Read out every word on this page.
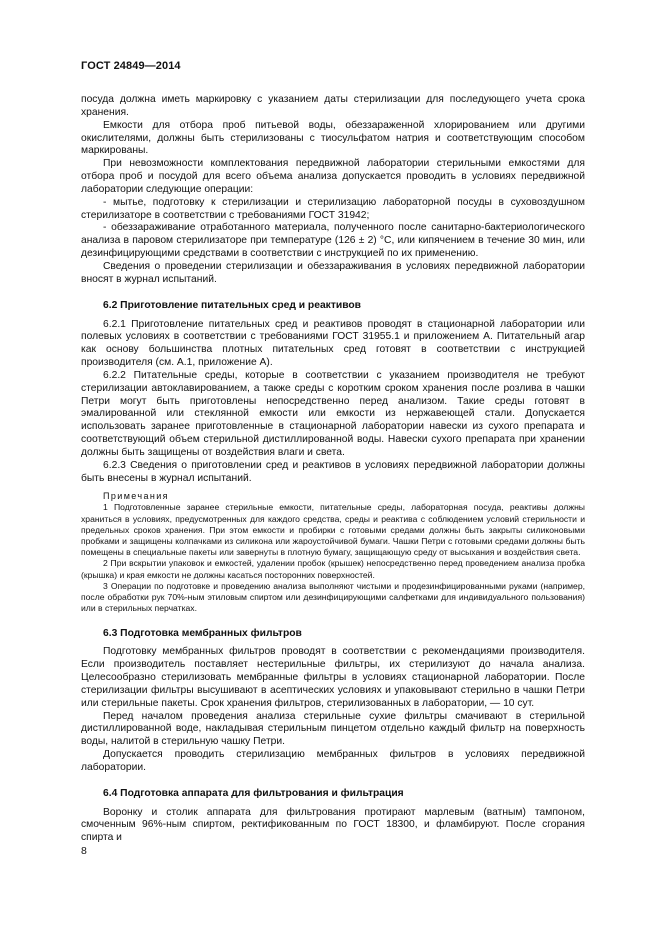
ГОСТ 24849—2014

посуда должна иметь маркировку с указанием даты стерилизации для последующего учета срока хранения.

Емкости для отбора проб питьевой воды, обеззараженной хлорированием или другими окислителями, должны быть стерилизованы с тиосульфатом натрия и соответствующим способом маркированы.

При невозможности комплектования передвижной лаборатории стерильными емкостями для отбора проб и посудой для всего объема анализа допускается проводить в условиях передвижной лаборатории следующие операции:

- мытье, подготовку к стерилизации и стерилизацию лабораторной посуды в суховоздушном стерилизаторе в соответствии с требованиями ГОСТ 31942;

- обеззараживание отработанного материала, полученного после санитарно-бактериологического анализа в паровом стерилизаторе при температуре (126 ± 2) °С, или кипячением в течение 30 мин, или дезинфицирующими средствами в соответствии с инструкцией по их применению.

Сведения о проведении стерилизации и обеззараживания в условиях передвижной лаборатории вносят в журнал испытаний.

6.2 Приготовление питательных сред и реактивов

6.2.1 Приготовление питательных сред и реактивов проводят в стационарной лаборатории или полевых условиях в соответствии с требованиями ГОСТ 31955.1 и приложением А. Питательный агар как основу большинства плотных питательных сред готовят в соответствии с инструкцией производителя (см. А.1, приложение А).

6.2.2 Питательные среды, которые в соответствии с указанием производителя не требуют стерилизации автоклавированием, а также среды с коротким сроком хранения после розлива в чашки Петри могут быть приготовлены непосредственно перед анализом. Такие среды готовят в эмалированной или стеклянной емкости или емкости из нержавеющей стали. Допускается использовать заранее приготовленные в стационарной лаборатории навески из сухого препарата и соответствующий объем стерильной дистиллированной воды. Навески сухого препарата при хранении должны быть защищены от воздействия влаги и света.

6.2.3 Сведения о приготовлении сред и реактивов в условиях передвижной лаборатории должны быть внесены в журнал испытаний.

Примечания

1 Подготовленные заранее стерильные емкости, питательные среды, лабораторная посуда, реактивы должны храниться в условиях, предусмотренных для каждого средства, среды и реактива с соблюдением условий стерильности и предельных сроков хранения. При этом емкости и пробирки с готовыми средами должны быть закрыты силиконовыми пробками и защищены колпачками из силикона или жароустойчивой бумаги. Чашки Петри с готовыми средами должны быть помещены в специальные пакеты или завернуты в плотную бумагу, защищающую среду от высыхания и воздействия света.

2 При вскрытии упаковок и емкостей, удалении пробок (крышек) непосредственно перед проведением анализа пробка (крышка) и края емкости не должны касаться посторонних поверхностей.

3 Операции по подготовке и проведению анализа выполняют чистыми и продезинфицированными руками (например, после обработки рук 70%-ным этиловым спиртом или дезинфицирующими салфетками для индивидуального пользования) или в стерильных перчатках.

6.3 Подготовка мембранных фильтров

Подготовку мембранных фильтров проводят в соответствии с рекомендациями производителя. Если производитель поставляет нестерильные фильтры, их стерилизуют до начала анализа. Целесообразно стерилизовать мембранные фильтры в условиях стационарной лаборатории. После стерилизации фильтры высушивают в асептических условиях и упаковывают стерильно в чашки Петри или стерильные пакеты. Срок хранения фильтров, стерилизованных в лаборатории, — 10 сут.

Перед началом проведения анализа стерильные сухие фильтры смачивают в стерильной дистиллированной воде, накладывая стерильным пинцетом отдельно каждый фильтр на поверхность воды, налитой в стерильную чашку Петри.

Допускается проводить стерилизацию мембранных фильтров в условиях передвижной лаборатории.

6.4 Подготовка аппарата для фильтрования и фильтрация

Воронку и столик аппарата для фильтрования протирают марлевым (ватным) тампоном, смоченным 96%-ным спиртом, ректификованным по ГОСТ 18300, и фламбируют. После сгорания спирта и

8
